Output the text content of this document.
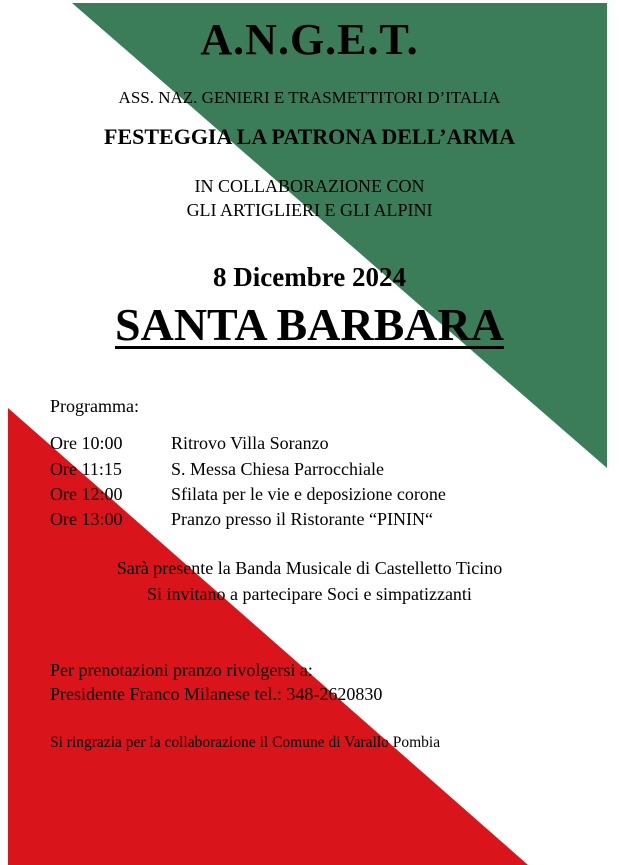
A.N.G.E.T.
ASS. NAZ. GENIERI E TRASMETTITORI D’ITALIA
FESTEGGIA LA PATRONA DELL’ARMA
IN COLLABORAZIONE CON
GLI ARTIGLIERI E GLI ALPINI
8 Dicembre 2024
SANTA BARBARA
Programma:
Ore 10:00	Ritrovo Villa Soranzo
Ore 11:15	S. Messa Chiesa Parrocchiale
Ore 12:00	Sfilata per le vie e deposizione corone
Ore 13:00	Pranzo presso il Ristorante “PININ“
Sarà presente la Banda Musicale di Castelletto Ticino
Si invitano a partecipare Soci e simpatizzanti
Per prenotazioni pranzo rivolgersi a:
Presidente Franco Milanese tel.: 348-2620830
Si ringrazia per la collaborazione il Comune di Varallo Pombia
